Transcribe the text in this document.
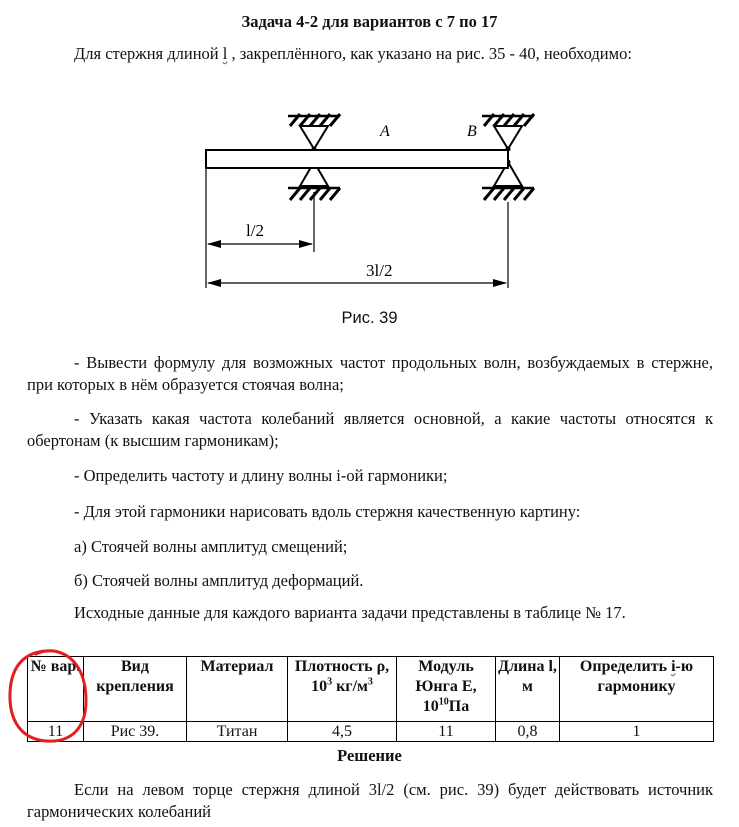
Задача 4-2 для вариантов с 7 по 17
Для стержня длиной l , закреплённого, как указано на рис. 35 - 40, необходимо:
A	B
l/2
3l/2
Рис. 39
- Вывести формулу для возможных частот продольных волн, возбуждаемых в стержне, при которых в нём образуется стоячая волна;
- Указать какая частота колебаний является основной, а какие частоты относятся к обертонам (к высшим гармоникам);
- Определить частоту и длину волны i-ой гармоники;
- Для этой гармоники нарисовать вдоль стержня качественную картину:
а) Стоячей волны амплитуд смещений;
б) Стоячей волны амплитуд деформаций.
Исходные данные для каждого варианта задачи представлены в таблице № 17.
№ вар.	Вид крепления	Материал	Плотность ρ, $10^3$ $кг/м^3$	Модуль Юнга Е, $10^{10}Па$	Длина l, м	Определить i-ю гармонику
11	Рис 39.	Титан	4,5	11	0,8	1
Решение
Если на левом торце стержня длиной 3l/2 (см. рис. 39) будет действовать источник гармонических колебаний
